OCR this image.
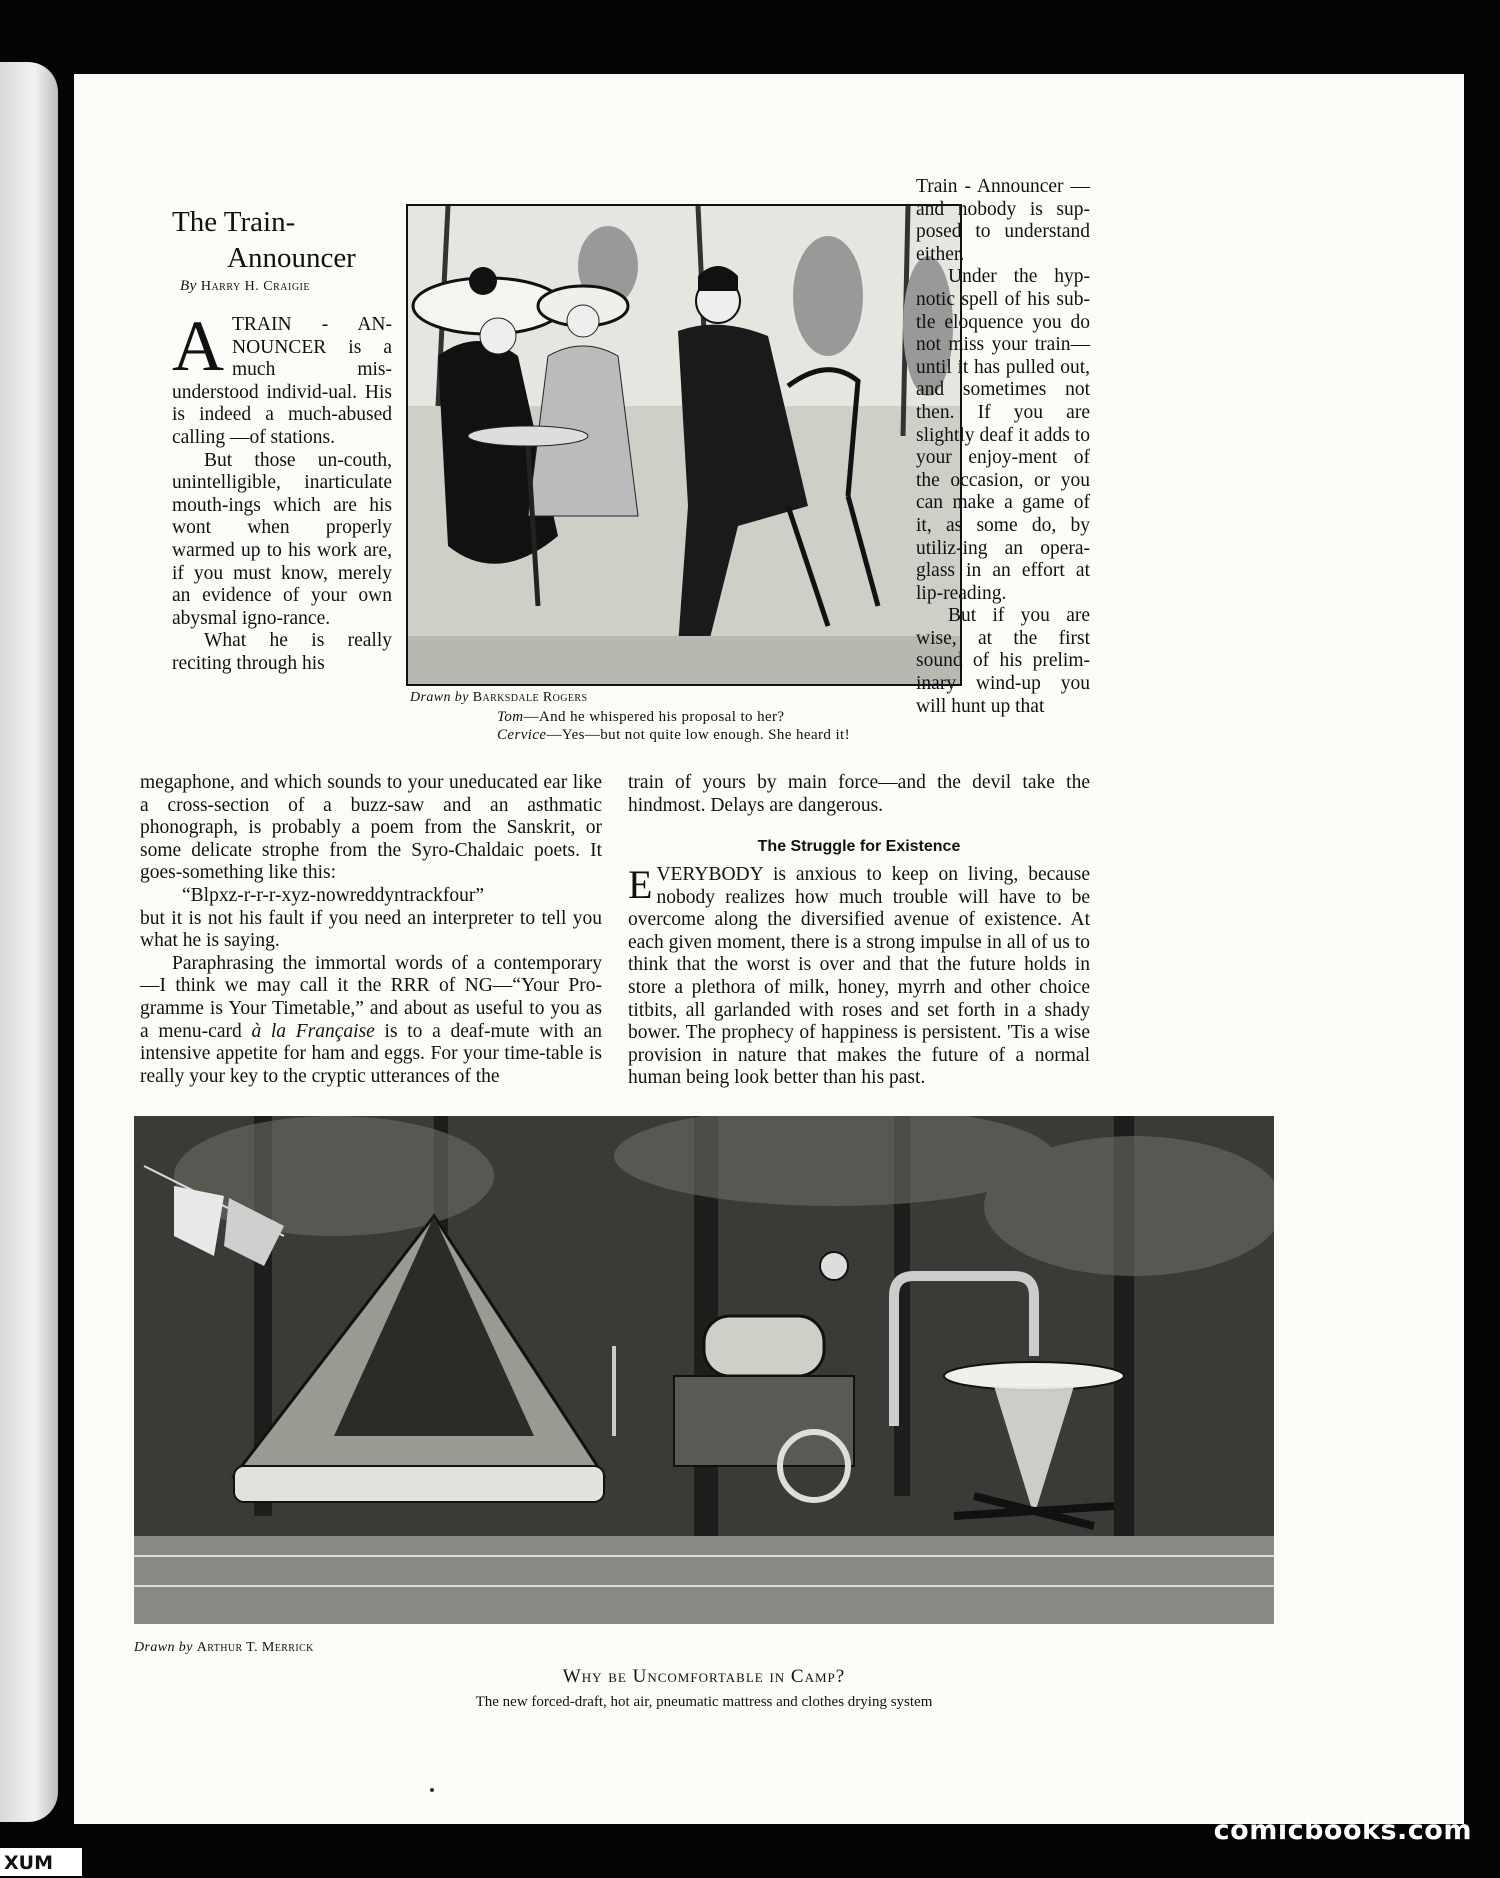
The Train-
Announcer
By Harry H. Craigie

A TRAIN - AN-NOUNCER is a much mis-understood individ-ual. His is indeed a much-abused calling —of stations.

But those un-couth, unintelligible, inarticulate mouth-ings which are his wont when properly warmed up to his work are, if you must know, merely an evidence of your own abysmal igno-rance.

What he is really reciting through his

Drawn by Barksdale Rogers
Tom—And he whispered his proposal to her?
Cervice—Yes—but not quite low enough. She heard it!

Train - Announcer — and nobody is sup-posed to understand either.

Under the hyp-notic spell of his sub-tle eloquence you do not miss your train— until it has pulled out, and sometimes not then. If you are slightly deaf it adds to your enjoy-ment of the occasion, or you can make a game of it, as some do, by utiliz-ing an opera-glass in an effort at lip-reading.

But if you are wise, at the first sound of his prelim-inary wind-up you will hunt up that

megaphone, and which sounds to your uneducated ear like a cross-section of a buzz-saw and an asthmatic phonograph, is probably a poem from the Sanskrit, or some delicate strophe from the Syro-Chaldaic poets. It goes-something like this:

“Blpxz-r-r-r-xyz-nowreddyntrackfour”

but it is not his fault if you need an interpreter to tell you what he is saying.

Paraphrasing the immortal words of a contemporary —I think we may call it the RRR of NG—“Your Pro-gramme is Your Timetable,” and about as useful to you as a menu-card à la Française is to a deaf-mute with an intensive appetite for ham and eggs. For your time-table is really your key to the cryptic utterances of the

train of yours by main force—and the devil take the hindmost. Delays are dangerous.

The Struggle for Existence

E VERYBODY is anxious to keep on living, because nobody realizes how much trouble will have to be overcome along the diversified avenue of existence. At each given moment, there is a strong impulse in all of us to think that the worst is over and that the future holds in store a plethora of milk, honey, myrrh and other choice titbits, all garlanded with roses and set forth in a shady bower. The prophecy of happiness is persistent. 'Tis a wise provision in nature that makes the future of a normal human being look better than his past.

Drawn by Arthur T. Merrick
Why be Uncomfortable in Camp?
The new forced-draft, hot air, pneumatic mattress and clothes drying system
comicbooks.com
XUM
